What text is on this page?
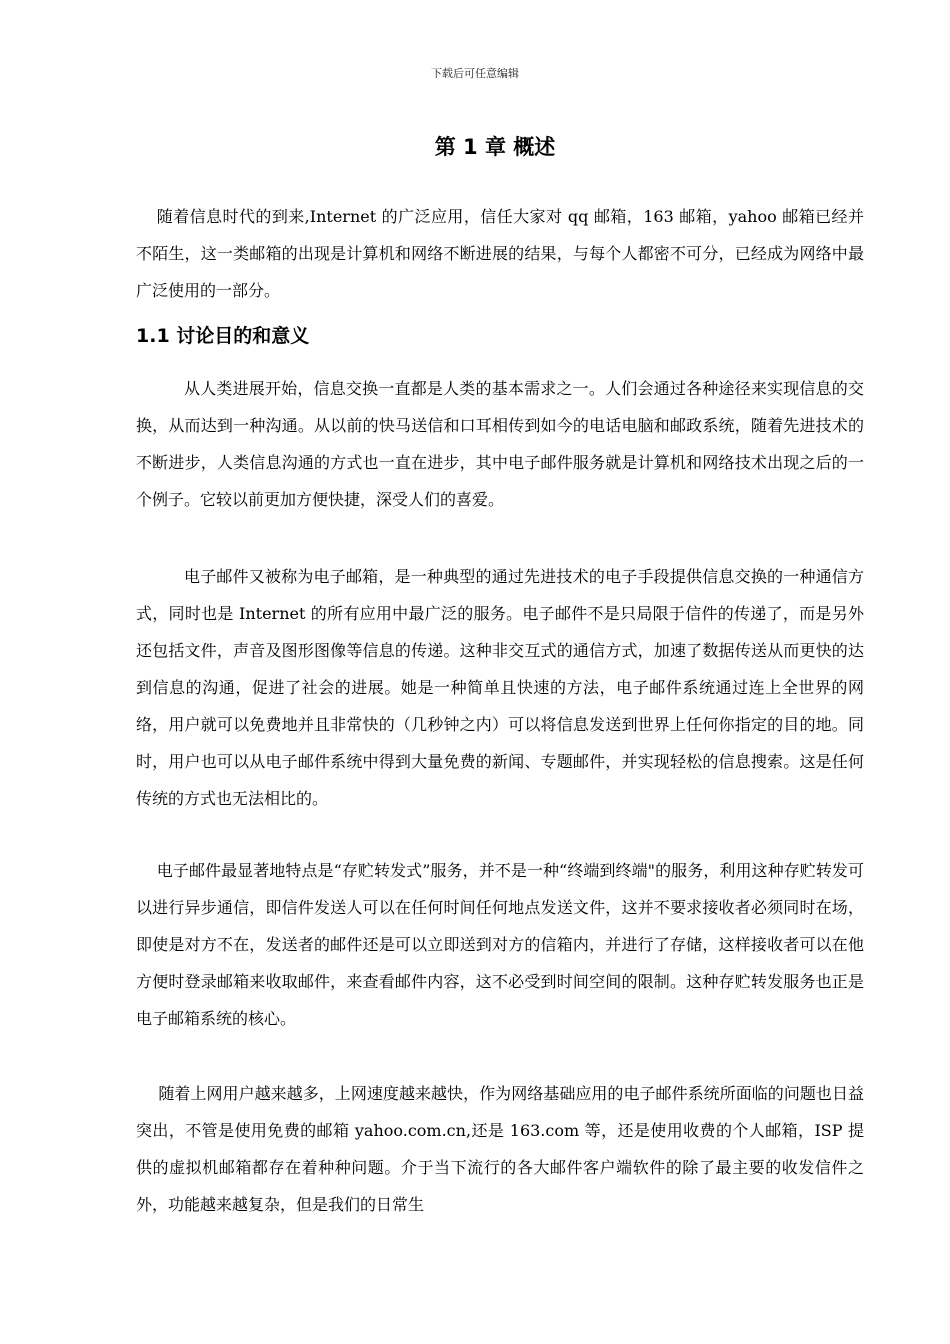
下载后可任意编辑
第 1 章 概述

随着信息时代的到来,Internet 的广泛应用，信任大家对 qq 邮箱，163 邮箱，yahoo 邮箱已经并不陌生，这一类邮箱的出现是计算机和网络不断进展的结果，与每个人都密不可分，已经成为网络中最广泛使用的一部分。

1.1 讨论目的和意义

从人类进展开始，信息交换一直都是人类的基本需求之一。人们会通过各种途径来实现信息的交换，从而达到一种沟通。从以前的快马送信和口耳相传到如今的电话电脑和邮政系统，随着先进技术的不断进步，人类信息沟通的方式也一直在进步，其中电子邮件服务就是计算机和网络技术出现之后的一个例子。它较以前更加方便快捷，深受人们的喜爱。

电子邮件又被称为电子邮箱，是一种典型的通过先进技术的电子手段提供信息交换的一种通信方式，同时也是 Internet 的所有应用中最广泛的服务。电子邮件不是只局限于信件的传递了，而是另外还包括文件，声音及图形图像等信息的传递。这种非交互式的通信方式，加速了数据传送从而更快的达到信息的沟通，促进了社会的进展。她是一种简单且快速的方法，电子邮件系统通过连上全世界的网络，用户就可以免费地并且非常快的（几秒钟之内）可以将信息发送到世界上任何你指定的目的地。同时，用户也可以从电子邮件系统中得到大量免费的新闻、专题邮件，并实现轻松的信息搜索。这是任何传统的方式也无法相比的。

电子邮件最显著地特点是“存贮转发式”服务，并不是一种“终端到终端"的服务，利用这种存贮转发可以进行异步通信，即信件发送人可以在任何时间任何地点发送文件，这并不要求接收者必须同时在场，即使是对方不在，发送者的邮件还是可以立即送到对方的信箱内，并进行了存储，这样接收者可以在他方便时登录邮箱来收取邮件，来查看邮件内容，这不必受到时间空间的限制。这种存贮转发服务也正是电子邮箱系统的核心。

随着上网用户越来越多，上网速度越来越快，作为网络基础应用的电子邮件系统所面临的问题也日益突出，不管是使用免费的邮箱 yahoo.com.cn,还是 163.com 等，还是使用收费的个人邮箱，ISP 提供的虚拟机邮箱都存在着种种问题。介于当下流行的各大邮件客户端软件的除了最主要的收发信件之外，功能越来越复杂，但是我们的日常生
